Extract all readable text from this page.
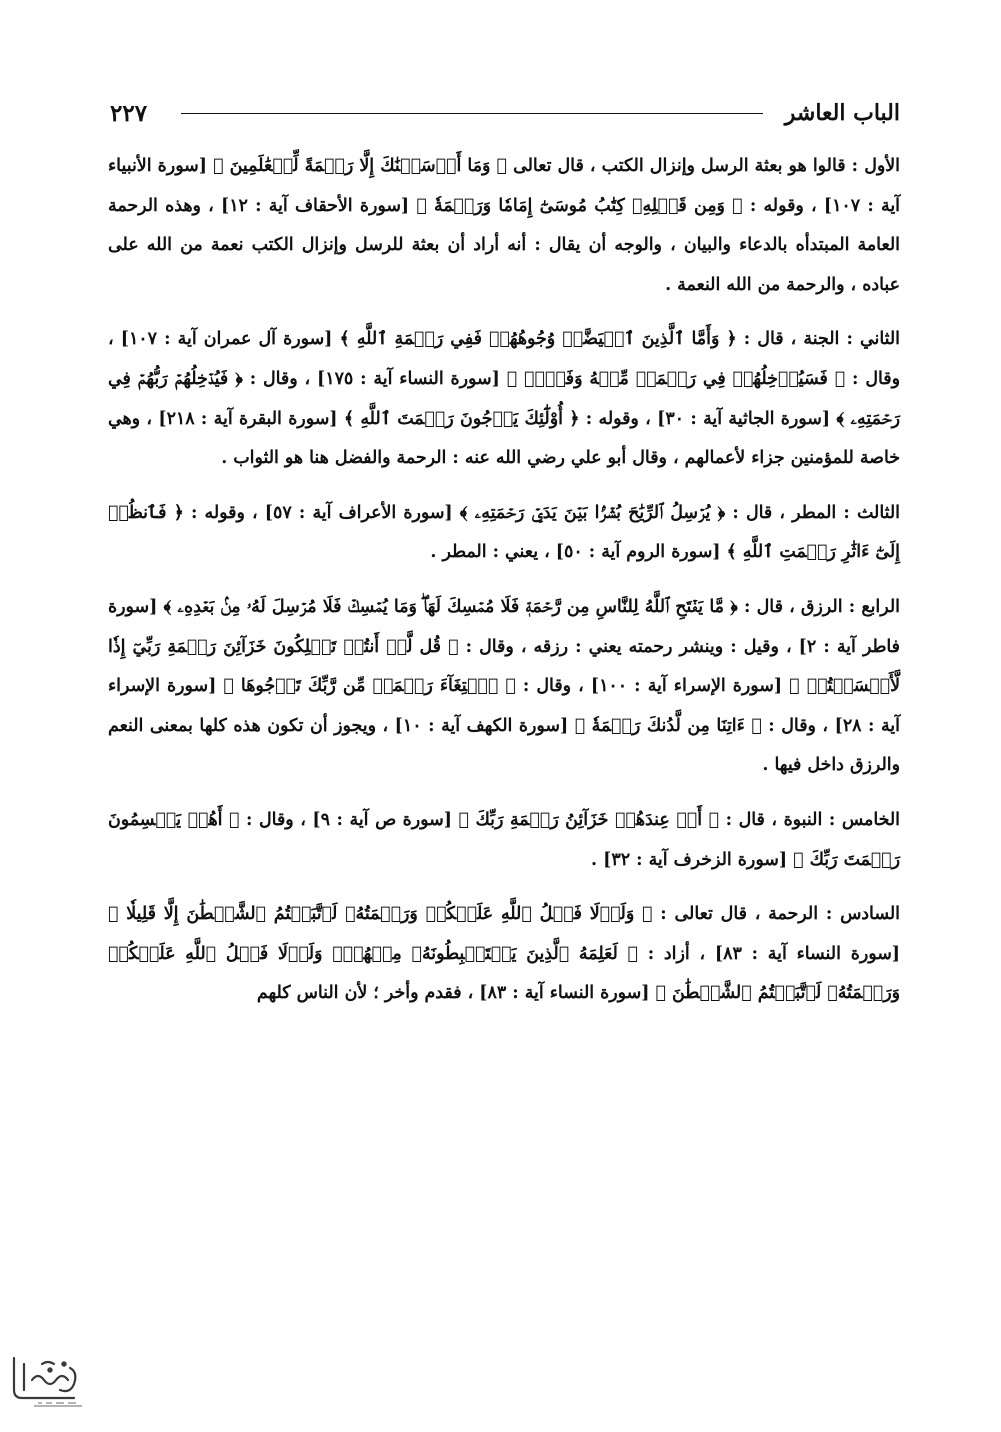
الباب العاشر
٢٢٧

الأول : قالوا هو بعثة الرسل وإنزال الكتب ، قال تعالى ﴿ وَمَا أَرۡسَلۡنَٰكَ إِلَّا رَحۡمَةً لِّلۡعَٰلَمِينَ ﴾ [سورة الأنبياء آية : ١٠٧] ، وقوله : ﴿ وَمِن قَبۡلِهِۦ كِتَٰبُ مُوسَىٰٓ إِمَامٗا وَرَحۡمَةٗ ﴾ [سورة الأحقاف آية : ١٢] ، وهذه الرحمة العامة المبتدأه بالدعاء والبيان ، والوجه أن يقال : أنه أراد أن بعثة للرسل وإنزال الكتب نعمة من الله على عباده ، والرحمة من الله النعمة .

الثاني : الجنة ، قال : ﴿ وَأَمَّا ٱلَّذِينَ ٱبۡيَضَّتۡ وُجُوهُهُمۡ فَفِي رَحۡمَةِ ٱللَّهِ ﴾ [سورة آل عمران آية : ١٠٧] ، وقال : ﴿ فَسَيُدۡخِلُهُمۡ فِي رَحۡمَةٖ مِّنۡهُ وَفَضۡلٖ ﴾ [سورة النساء آية : ١٧٥] ، وقال : ﴿ فَيُدۡخِلُهُمۡ رَبُّهُمۡ فِي رَحۡمَتِهِۦ ﴾ [سورة الجاثية آية : ٣٠] ، وقوله : ﴿ أُوْلَٰٓئِكَ يَرۡجُونَ رَحۡمَتَ ٱللَّهِ ﴾ [سورة البقرة آية : ٢١٨] ، وهي خاصة للمؤمنين جزاء لأعمالهم ، وقال أبو علي رضي الله عنه : الرحمة والفضل هنا هو الثواب .

الثالث : المطر ، قال : ﴿ يُرۡسِلُ ٱلرِّيَٰحَ بُشۡرَۢا بَيۡنَ يَدَيۡ رَحۡمَتِهِۦ ﴾ [سورة الأعراف آية : ٥٧] ، وقوله : ﴿ فَٱنظُرۡ إِلَىٰٓ ءَاثَٰرِ رَحۡمَتِ ٱللَّهِ ﴾ [سورة الروم آية : ٥٠] ، يعني : المطر .

الرابع : الرزق ، قال : ﴿ مَّا يَفۡتَحِ ٱللَّهُ لِلنَّاسِ مِن رَّحۡمَةٖ فَلَا مُمۡسِكَ لَهَاۖ وَمَا يُمۡسِكۡ فَلَا مُرۡسِلَ لَهُۥ مِنۢ بَعۡدِهِۦ ﴾ [سورة فاطر آية : ٢] ، وقيل : وينشر رحمته يعني : رزقه ، وقال : ﴿ قُل لَّوۡ أَنتُمۡ تَمۡلِكُونَ خَزَآئِنَ رَحۡمَةِ رَبِّيٓ إِذٗا لَّأَمۡسَكۡتُمۡ ﴾ [سورة الإسراء آية : ١٠٠] ، وقال : ﴿ ٱبۡتِغَآءَ رَحۡمَةٖ مِّن رَّبِّكَ تَرۡجُوهَا ﴾ [سورة الإسراء آية : ٢٨] ، وقال : ﴿ ءَاتِنَا مِن لَّدُنكَ رَحۡمَةٗ ﴾ [سورة الكهف آية : ١٠] ، ويجوز أن تكون هذه كلها بمعنى النعم والرزق داخل فيها .

الخامس : النبوة ، قال : ﴿ أَمۡ عِندَهُمۡ خَزَآئِنُ رَحۡمَةِ رَبِّكَ ﴾ [سورة ص آية : ٩] ، وقال : ﴿ أَهُمۡ يَقۡسِمُونَ رَحۡمَتَ رَبِّكَ ﴾ [سورة الزخرف آية : ٣٢] .

السادس : الرحمة ، قال تعالى : ﴿ وَلَوۡلَا فَضۡلُ ٱللَّهِ عَلَيۡكُمۡ وَرَحۡمَتُهُۥ لَٱتَّبَعۡتُمُ ٱلشَّيۡطَٰنَ إِلَّا قَلِيلٗا ﴾ [سورة النساء آية : ٨٣] ، أزاد : ﴿ لَعَلِمَهُ ٱلَّذِينَ يَسۡتَنۢبِطُونَهُۥ مِنۡهُمۡۗ وَلَوۡلَا فَضۡلُ ٱللَّهِ عَلَيۡكُمۡ وَرَحۡمَتُهُۥ لَٱتَّبَعۡتُمُ ٱلشَّيۡطَٰنَ ﴾ [سورة النساء آية : ٨٣] ، فقدم وأخر ؛ لأن الناس كلهم
